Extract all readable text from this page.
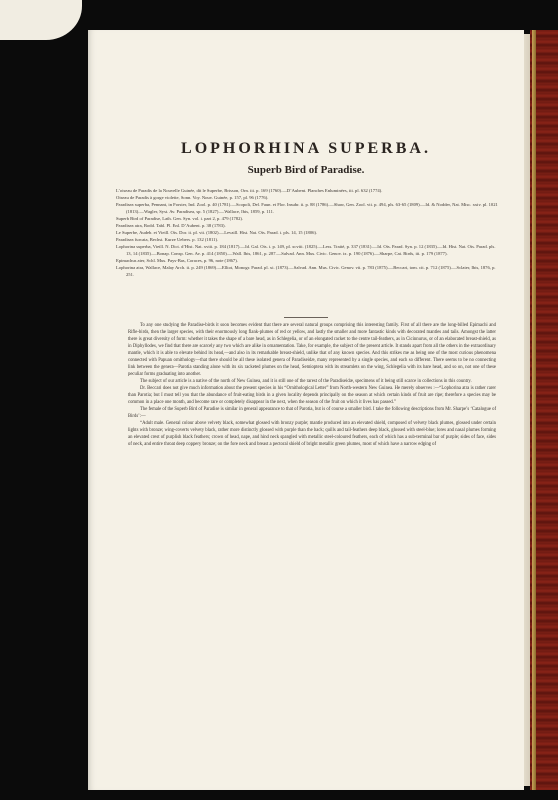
LOPHORHINA SUPERBA.
Superb Bird of Paradise.

L’oiseau de Paradis de la Nouvelle Guinée, dit le Superbe, Brisson, Orn. iii. p. 169 (1760).—D’Aubent. Planches Enluminées, iii. pl. 632 (1774).

Oiseau de Paradis à gorge violette, Sonn. Voy. Nouv. Guinée, p. 157, pl. 96 (1776).

Paradisea superba, Pennant, in Forster, Ind. Zool. p. 40 (1781).—Scopoli, Del. Faun. et Flor. Insubr. ii. p. 88 (1786).—Shaw, Gen. Zool. vii. p. 494, pls. 63-65 (1809).—Id. & Nodder, Nat. Misc. xxiv. pl. 1021 (1813).—Wagler, Syst. Av. Paradisea, sp. 5 (1827).—Wallace, Ibis, 1859, p. 111.

Superb Bird of Paradise, Lath. Gen. Syn. vol. i. part 2, p. 479 (1782).

Paradisea atra, Bodd. Tabl. Pl. Enl. D’Aubent. p. 38 (1783).

Le Superbe, Audeb. et Vieill. Ois. Dor. ii. pl. vii. (1802).—Levaill. Hist. Nat. Ois. Parad. i. pls. 14, 15 (1806).

Paradisea furcata, Bechst. Kurze Uebers. p. 132 (1811).

Lophorina superba, Vieill. N. Dict. d’Hist. Nat. xviii. p. 184 (1817).—Id. Gal. Ois. i. p. 149, pl. xcviii. (1825).—Less. Traité, p. 337 (1831).—Id. Ois. Parad. Syn. p. 12 (1835).—Id. Hist. Nat. Ois. Parad. pls. 13, 14 (1835).—Bonap. Consp. Gen. Av. p. 414 (1850).—Wall. Ibis, 1861, p. 287.—Salvad. Ann. Mus. Civic. Genov. ix. p. 190 (1876).—Sharpe, Cat. Birds, iii. p. 179 (1877).

Epimachus ater, Schl. Mus. Pays-Bas, Coraces, p. 96, note (1867).

Lophorina atra, Wallace, Malay Arch. ii. p. 249 (1869).—Elliot, Monogr. Parad. pl. xi. (1873).—Salvad. Ann. Mus. Civic. Genov. vii. p. 783 (1875).—Beccari, tom. cit. p. 712 (1875).—Sclater, Ibis, 1876, p. 251.

To any one studying the Paradise-birds it soon becomes evident that there are several natural groups comprising this interesting family. First of all there are the long-billed Epimachi and Rifle-birds, then the larger species, with their enormously long flank-plumes of red or yellow, and lastly the smaller and more fantastic kinds with decorated mantles and tails. Amongst the latter there is great diversity of form: whether it takes the shape of a bare head, as in Schlegelia, or of an elongated racket to the centre tail-feathers, as in Cicinnurus, or of an elaborated breast-shield, as in Diphyllodes, we find that there are scarcely any two which are alike in ornamentation. Take, for example, the subject of the present article. It stands apart from all the others in the extraordinary mantle, which it is able to elevate behind its head,—and also in its remarkable breast-shield, unlike that of any known species. And this strikes me as being one of the most curious phenomena connected with Papuan ornithology—that there should be all these isolated genera of Paradiseidæ, many represented by a single species, and each so different. There seems to be no connecting link between the genera—Parotia standing alone with its six racketed plumes on the head, Semioptera with its streamlets on the wing, Schlegelia with its bare head, and so on, not one of these peculiar forms graduating into another.

The subject of our article is a native of the north of New Guinea, and it is still one of the rarest of the Paradiseidæ, specimens of it being still scarce in collections in this country.

Dr. Beccari does not give much information about the present species in his “Ornithological Letter” from North-western New Guinea. He merely observes :—“Lophorina atra is rather rarer than Parotia; but I must tell you that the abundance of fruit-eating birds in a given locality depends principally on the season at which certain kinds of fruit are ripe; therefore a species may be common in a place one month, and become rare or completely disappear in the next, when the season of the fruit on which it lives has passed.”

The female of the Superb Bird of Paradise is similar in general appearance to that of Parotia, but is of course a smaller bird. I take the following descriptions from Mr. Sharpe’s ‘Catalogue of Birds’:—

“Adult male. General colour above velvety black, somewhat glossed with bronzy purple; mantle produced into an elevated shield, composed of velvety black plumes, glossed under certain lights with bronze; wing-coverts velvety black, rather more distinctly glossed with purple than the back; quills and tail-feathers deep black, glossed with steel-blue; lores and nasal plumes forming an elevated crest of purplish black feathers; crown of head, nape, and hind neck spangled with metallic steel-coloured feathers, each of which has a sub-terminal bar of purple; sides of face, sides of neck, and entire throat deep coppery bronze; on the fore neck and breast a pectoral shield of bright metallic green plumes, most of which have a narrow edging of
